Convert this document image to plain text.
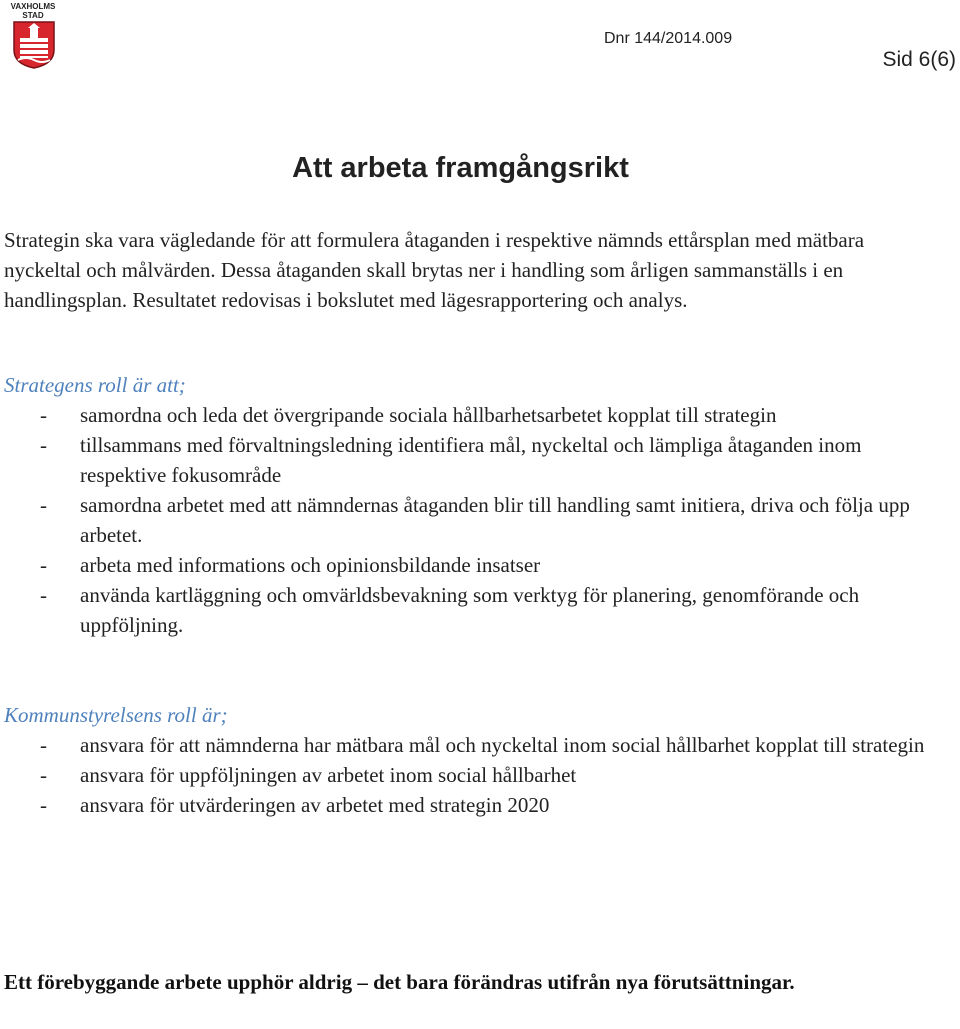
VAXHOLMS
STAD
Dnr 144/2014.009
Sid 6(6)
Att arbeta framgångsrikt

Strategin ska vara vägledande för att formulera åtaganden i respektive nämnds ettårsplan med mätbara nyckeltal och målvärden. Dessa åtaganden skall brytas ner i handling som årligen sammanställs i en handlingsplan. Resultatet redovisas i bokslutet med lägesrapportering och analys.

Strategens roll är att;

- samordna och leda det övergripande sociala hållbarhetsarbetet kopplat till strategin
- tillsammans med förvaltningsledning identifiera mål, nyckeltal och lämpliga åtaganden inom respektive fokusområde
- samordna arbetet med att nämndernas åtaganden blir till handling samt initiera, driva och följa upp arbetet.
- arbeta med informations och opinionsbildande insatser
- använda kartläggning och omvärldsbevakning som verktyg för planering, genomförande och uppföljning.

Kommunstyrelsens roll är;

- ansvara för att nämnderna har mätbara mål och nyckeltal inom social hållbarhet kopplat till strategin
- ansvara för uppföljningen av arbetet inom social hållbarhet
- ansvara för utvärderingen av arbetet med strategin 2020

Ett förebyggande arbete upphör aldrig – det bara förändras utifrån nya förutsättningar.
